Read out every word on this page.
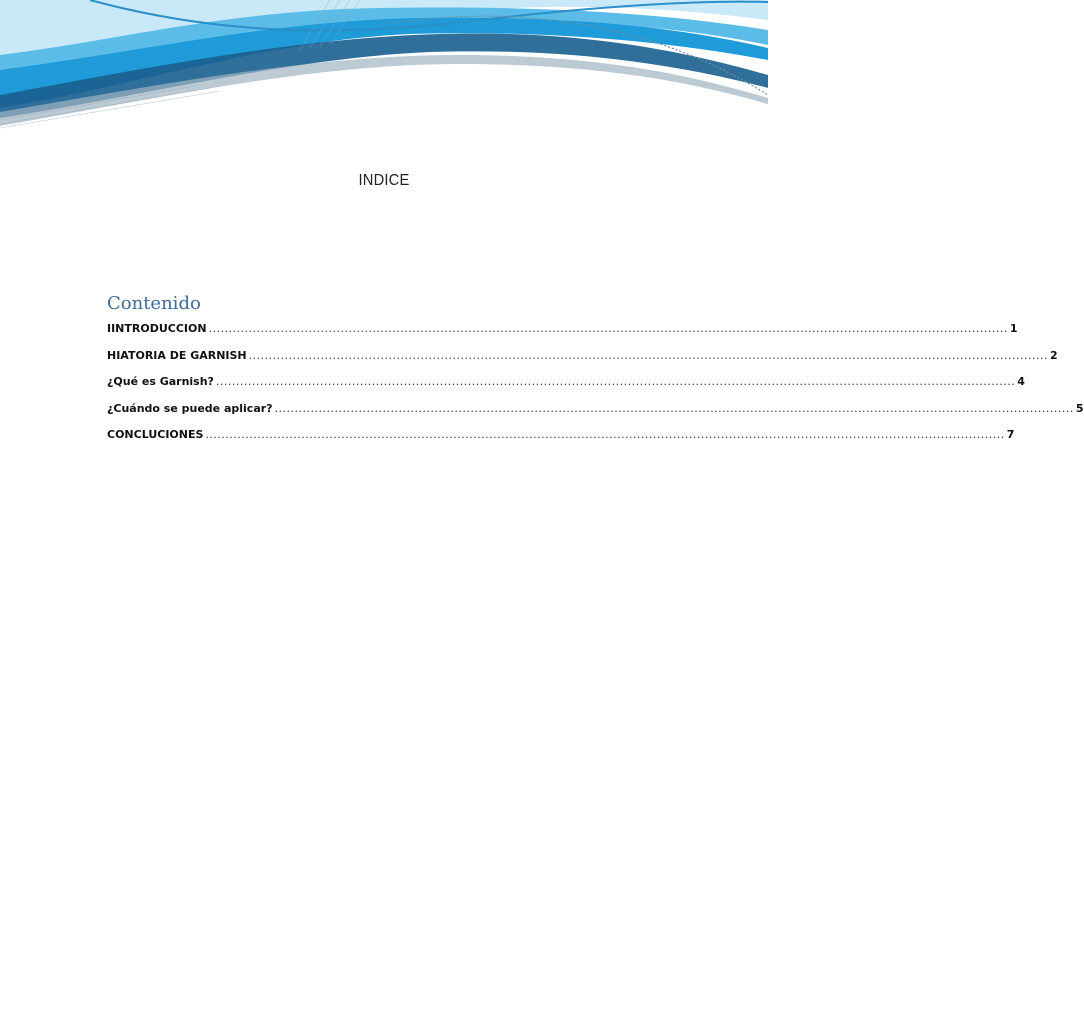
INDICE
Contenido
IINTRODUCCION ........................................................................................................................................................................................................ 1
HIATORIA DE GARNISH ........................................................................................................................................................................................................ 2
¿Qué es Garnish? ........................................................................................................................................................................................................ 4
¿Cuándo se puede aplicar? ........................................................................................................................................................................................................ 5
CONCLUCIONES ........................................................................................................................................................................................................ 7
